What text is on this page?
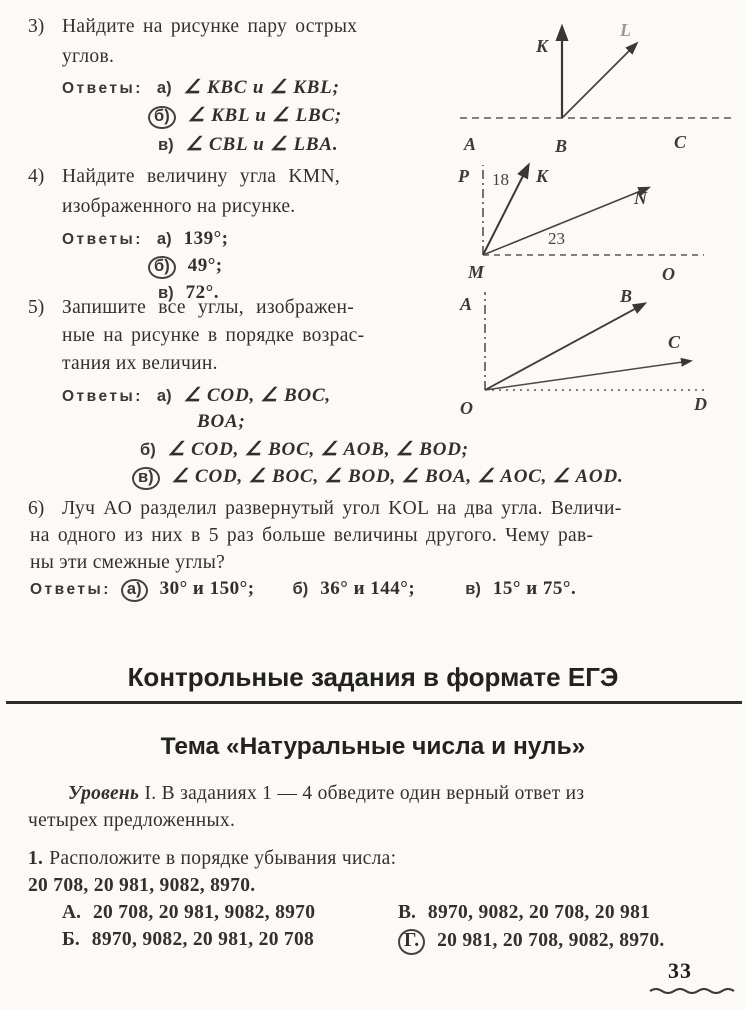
3) Найдите на рисунке пару острых
углов.
Ответы: а) ∠ KBC и ∠ KBL;
б) ∠ KBL и ∠ LBC;
в) ∠ CBL и ∠ LBA.
K
L
A	B	C
4) Найдите величину угла KMN,
изображенного на рисунке.
Ответы: а) 139°;
б) 49°;
в) 72°.
P 18 K
N
23
M	O
5) Запишите все углы, изображен-
ные на рисунке в порядке возрас-
тания их величин.
Ответы: а) ∠ COD, ∠ BOC,
BOA;
б) ∠ COD, ∠ BOC, ∠ AOB, ∠ BOD;
в) ∠ COD, ∠ BOC, ∠ BOD, ∠ BOA, ∠ AOC, ∠ AOD.
A	B
C
O	D
6) Луч AO разделил развернутый угол KOL на два угла. Величи-
на одного из них в 5 раз больше величины другого. Чему рав-
ны эти смежные углы?
Ответы: а) 30° и 150°; б) 36° и 144°;	в) 15° и 75°.
Контрольные задания в формате ЕГЭ
Тема «Натуральные числа и нуль»
Уровень I. В заданиях 1 — 4 обведите один верный ответ из
четырех предложенных.
1. Расположите в порядке убывания числа:
20 708, 20 981, 9082, 8970.
А. 20 708, 20 981, 9082, 8970	В. 8970, 9082, 20 708, 20 981
Б. 8970, 9082, 20 981, 20 708	Г. 20 981, 20 708, 9082, 8970.
33
